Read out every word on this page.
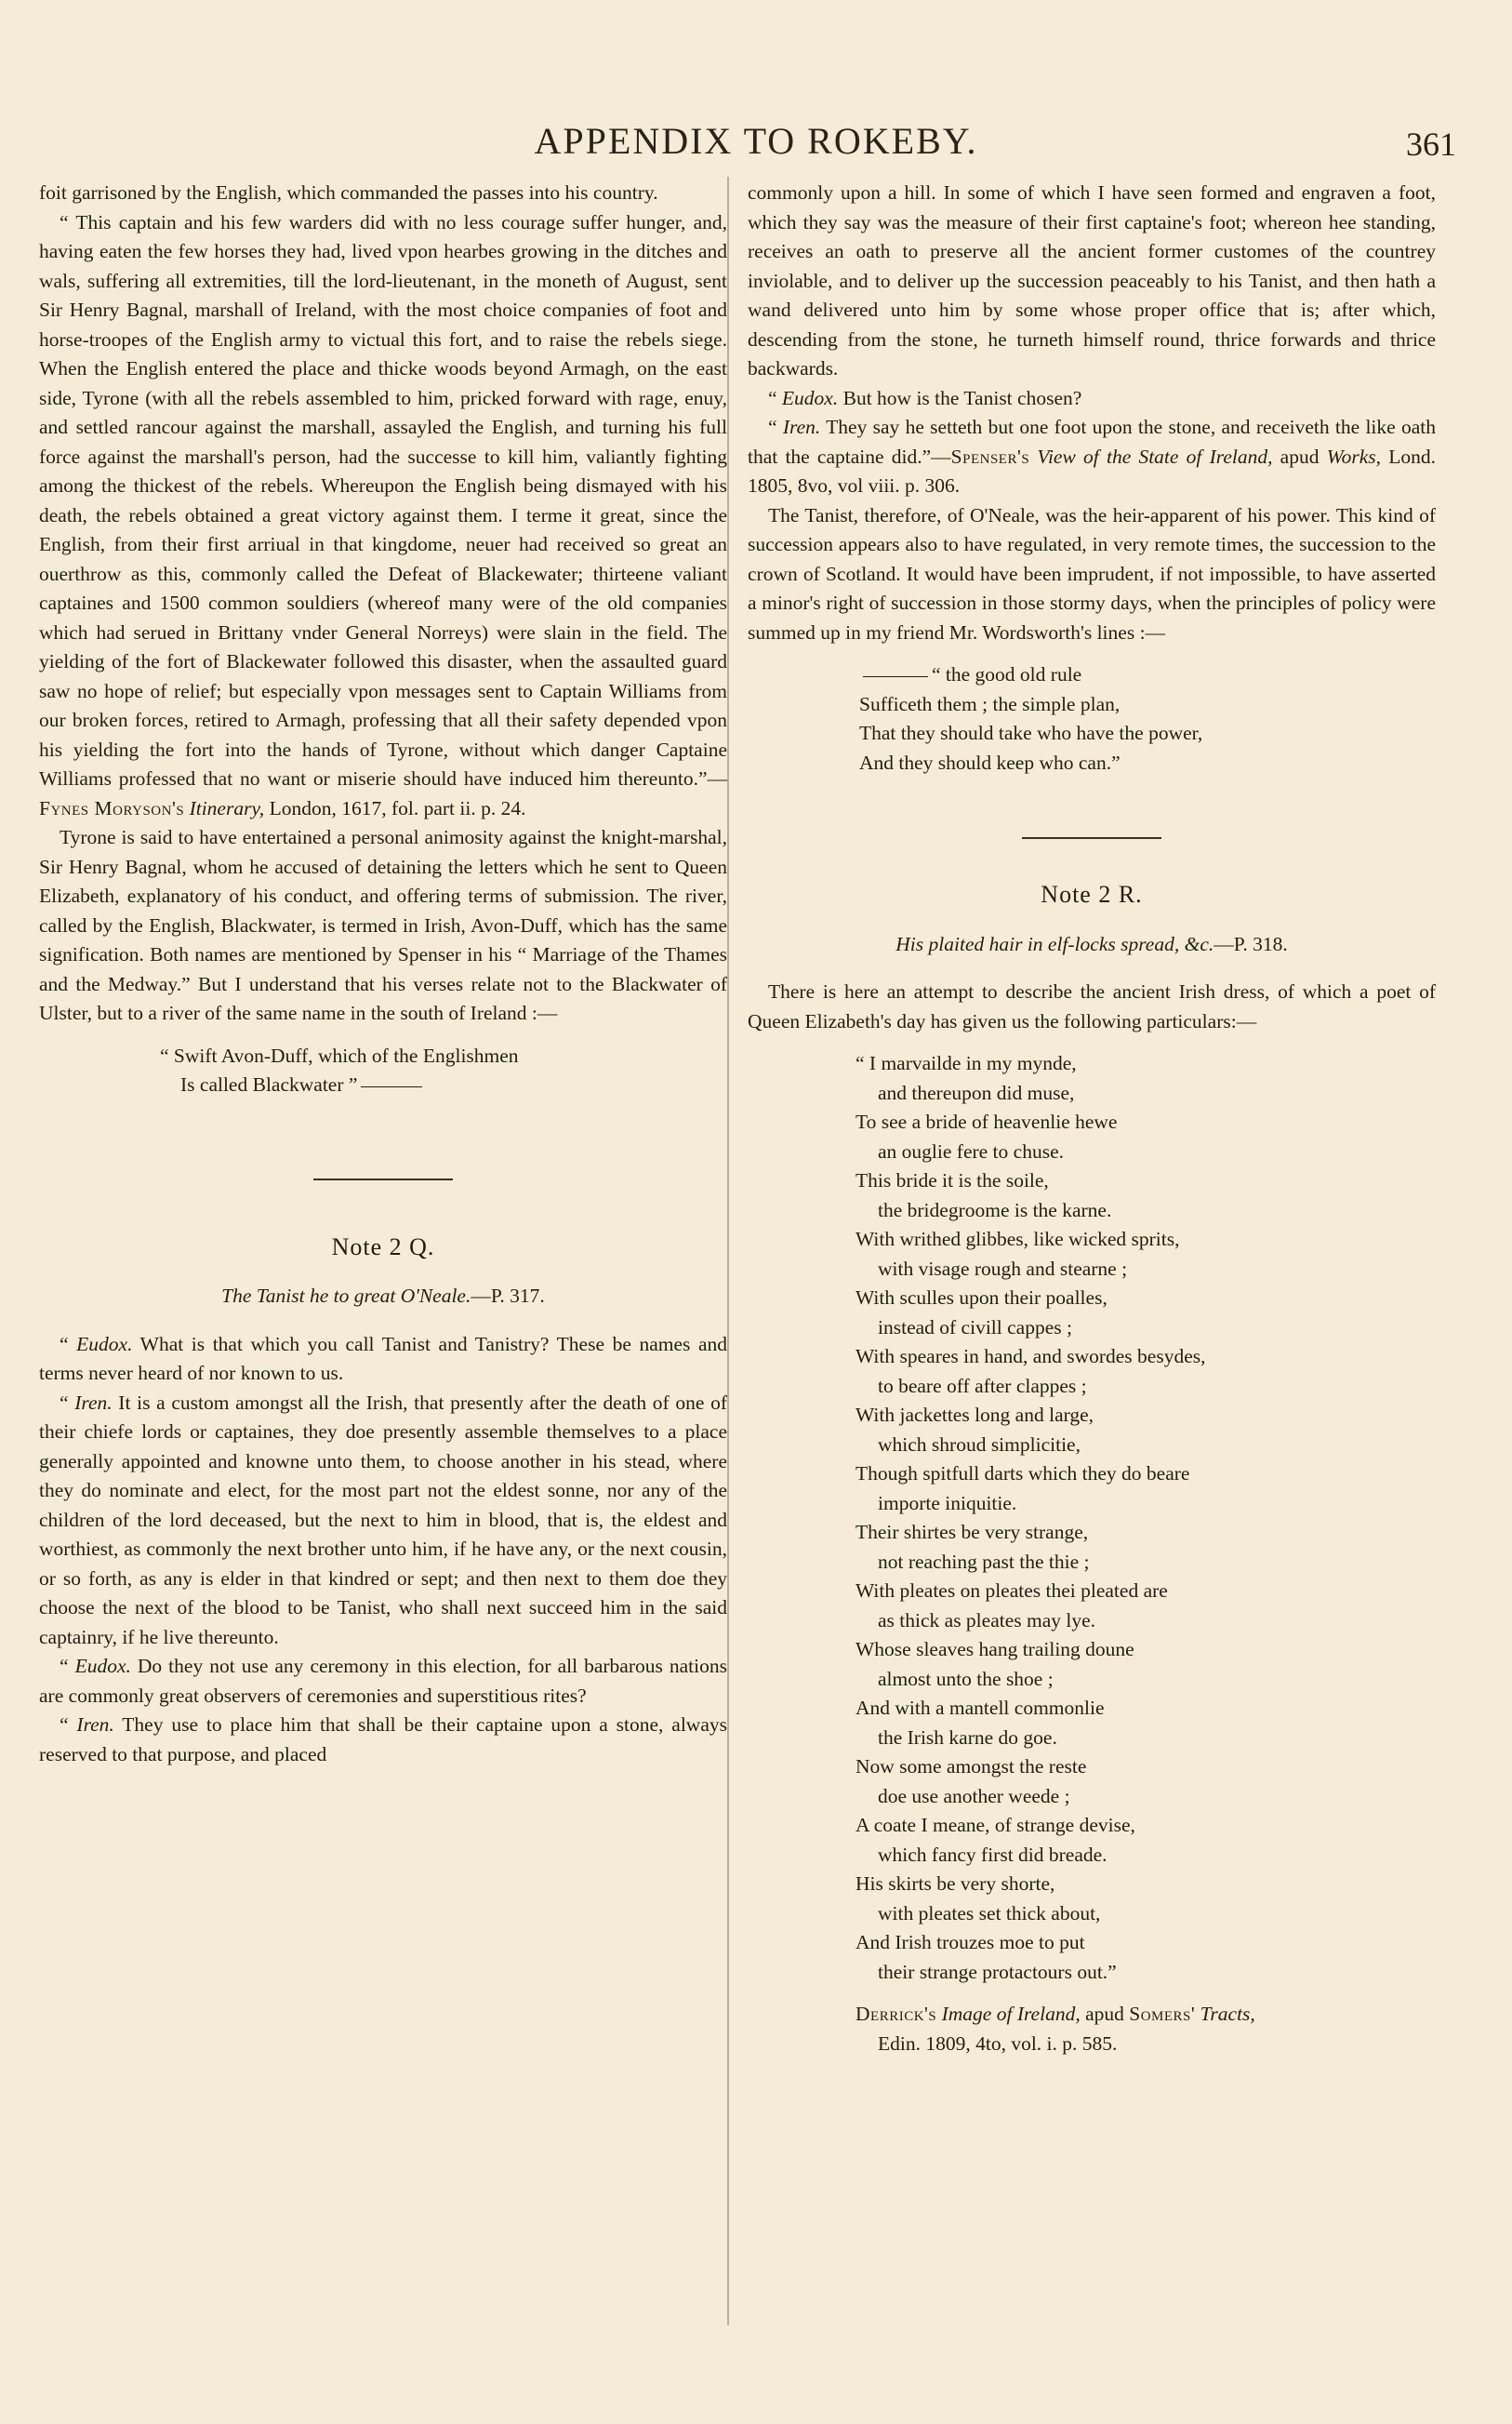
APPENDIX TO ROKEBY.	361

foit garrisoned by the English, which commanded the passes into his country.

“ This captain and his few warders did with no less courage suffer hunger, and, having eaten the few horses they had, lived vpon hearbes growing in the ditches and wals, suffering all extremities, till the lord-lieutenant, in the moneth of August, sent Sir Henry Bagnal, marshall of Ireland, with the most choice companies of foot and horse-troopes of the English army to victual this fort, and to raise the rebels siege. When the English entered the place and thicke woods beyond Armagh, on the east side, Tyrone (with all the rebels assembled to him, pricked forward with rage, enuy, and settled rancour against the marshall, assayled the English, and turning his full force against the marshall's person, had the successe to kill him, valiantly fighting among the thickest of the rebels. Whereupon the English being dismayed with his death, the rebels obtained a great victory against them. I terme it great, since the English, from their first arriual in that kingdome, neuer had received so great an ouerthrow as this, commonly called the Defeat of Blackewater; thirteene valiant captaines and 1500 common souldiers (whereof many were of the old companies which had serued in Brittany vnder General Norreys) were slain in the field. The yielding of the fort of Blackewater followed this disaster, when the assaulted guard saw no hope of relief; but especially vpon messages sent to Captain Williams from our broken forces, retired to Armagh, professing that all their safety depended vpon his yielding the fort into the hands of Tyrone, without which danger Captaine Williams professed that no want or miserie should have induced him thereunto.”—Fynes Moryson's Itinerary, London, 1617, fol. part ii. p. 24.

Tyrone is said to have entertained a personal animosity against the knight-marshal, Sir Henry Bagnal, whom he accused of detaining the letters which he sent to Queen Elizabeth, explanatory of his conduct, and offering terms of submission. The river, called by the English, Blackwater, is termed in Irish, Avon-Duff, which has the same signification. Both names are mentioned by Spenser in his “ Marriage of the Thames and the Medway.” But I understand that his verses relate not to the Blackwater of Ulster, but to a river of the same name in the south of Ireland :—

“ Swift Avon-Duff, which of the Englishmen
Is called Blackwater ”
Note 2 Q.
The Tanist he to great O'Neale.—P. 317.

“ Eudox. What is that which you call Tanist and Tanistry? These be names and terms never heard of nor known to us.

“ Iren. It is a custom amongst all the Irish, that presently after the death of one of their chiefe lords or captaines, they doe presently assemble themselves to a place generally appointed and knowne unto them, to choose another in his stead, where they do nominate and elect, for the most part not the eldest sonne, nor any of the children of the lord deceased, but the next to him in blood, that is, the eldest and worthiest, as commonly the next brother unto him, if he have any, or the next cousin, or so forth, as any is elder in that kindred or sept; and then next to them doe they choose the next of the blood to be Tanist, who shall next succeed him in the said captainry, if he live thereunto.

“ Eudox. Do they not use any ceremony in this election, for all barbarous nations are commonly great observers of ceremonies and superstitious rites?

“ Iren. They use to place him that shall be their captaine upon a stone, always reserved to that purpose, and placed

commonly upon a hill. In some of which I have seen formed and engraven a foot, which they say was the measure of their first captaine's foot; whereon hee standing, receives an oath to preserve all the ancient former customes of the countrey inviolable, and to deliver up the succession peaceably to his Tanist, and then hath a wand delivered unto him by some whose proper office that is; after which, descending from the stone, he turneth himself round, thrice forwards and thrice backwards.

“ Eudox. But how is the Tanist chosen?

“ Iren. They say he setteth but one foot upon the stone, and receiveth the like oath that the captaine did.”—Spenser's View of the State of Ireland, apud Works, Lond. 1805, 8vo, vol viii. p. 306.

The Tanist, therefore, of O'Neale, was the heir-apparent of his power. This kind of succession appears also to have regulated, in very remote times, the succession to the crown of Scotland. It would have been imprudent, if not impossible, to have asserted a minor's right of succession in those stormy days, when the principles of policy were summed up in my friend Mr. Wordsworth's lines :—

“ the good old rule
Sufficeth them ; the simple plan,
That they should take who have the power,
And they should keep who can.”
Note 2 R.
His plaited hair in elf-locks spread, &c.—P. 318.

There is here an attempt to describe the ancient Irish dress, of which a poet of Queen Elizabeth's day has given us the following particulars:—

“ I marvailde in my mynde,
and thereupon did muse,
To see a bride of heavenlie hewe
an ouglie fere to chuse.
This bride it is the soile,
the bridegroome is the karne.
With writhed glibbes, like wicked sprits,
with visage rough and stearne ;
With sculles upon their poalles,
instead of civill cappes ;
With speares in hand, and swordes besydes,
to beare off after clappes ;
With jackettes long and large,
which shroud simplicitie,
Though spitfull darts which they do beare
importe iniquitie.
Their shirtes be very strange,
not reaching past the thie ;
With pleates on pleates thei pleated are
as thick as pleates may lye.
Whose sleaves hang trailing doune
almost unto the shoe ;
And with a mantell commonlie
the Irish karne do goe.
Now some amongst the reste
doe use another weede ;
A coate I meane, of strange devise,
which fancy first did breade.
His skirts be very shorte,
with pleates set thick about,
And Irish trouzes moe to put
their strange protactours out.”
Derrick's Image of Ireland, apud Somers' Tracts,
Edin. 1809, 4to, vol. i. p. 585.
